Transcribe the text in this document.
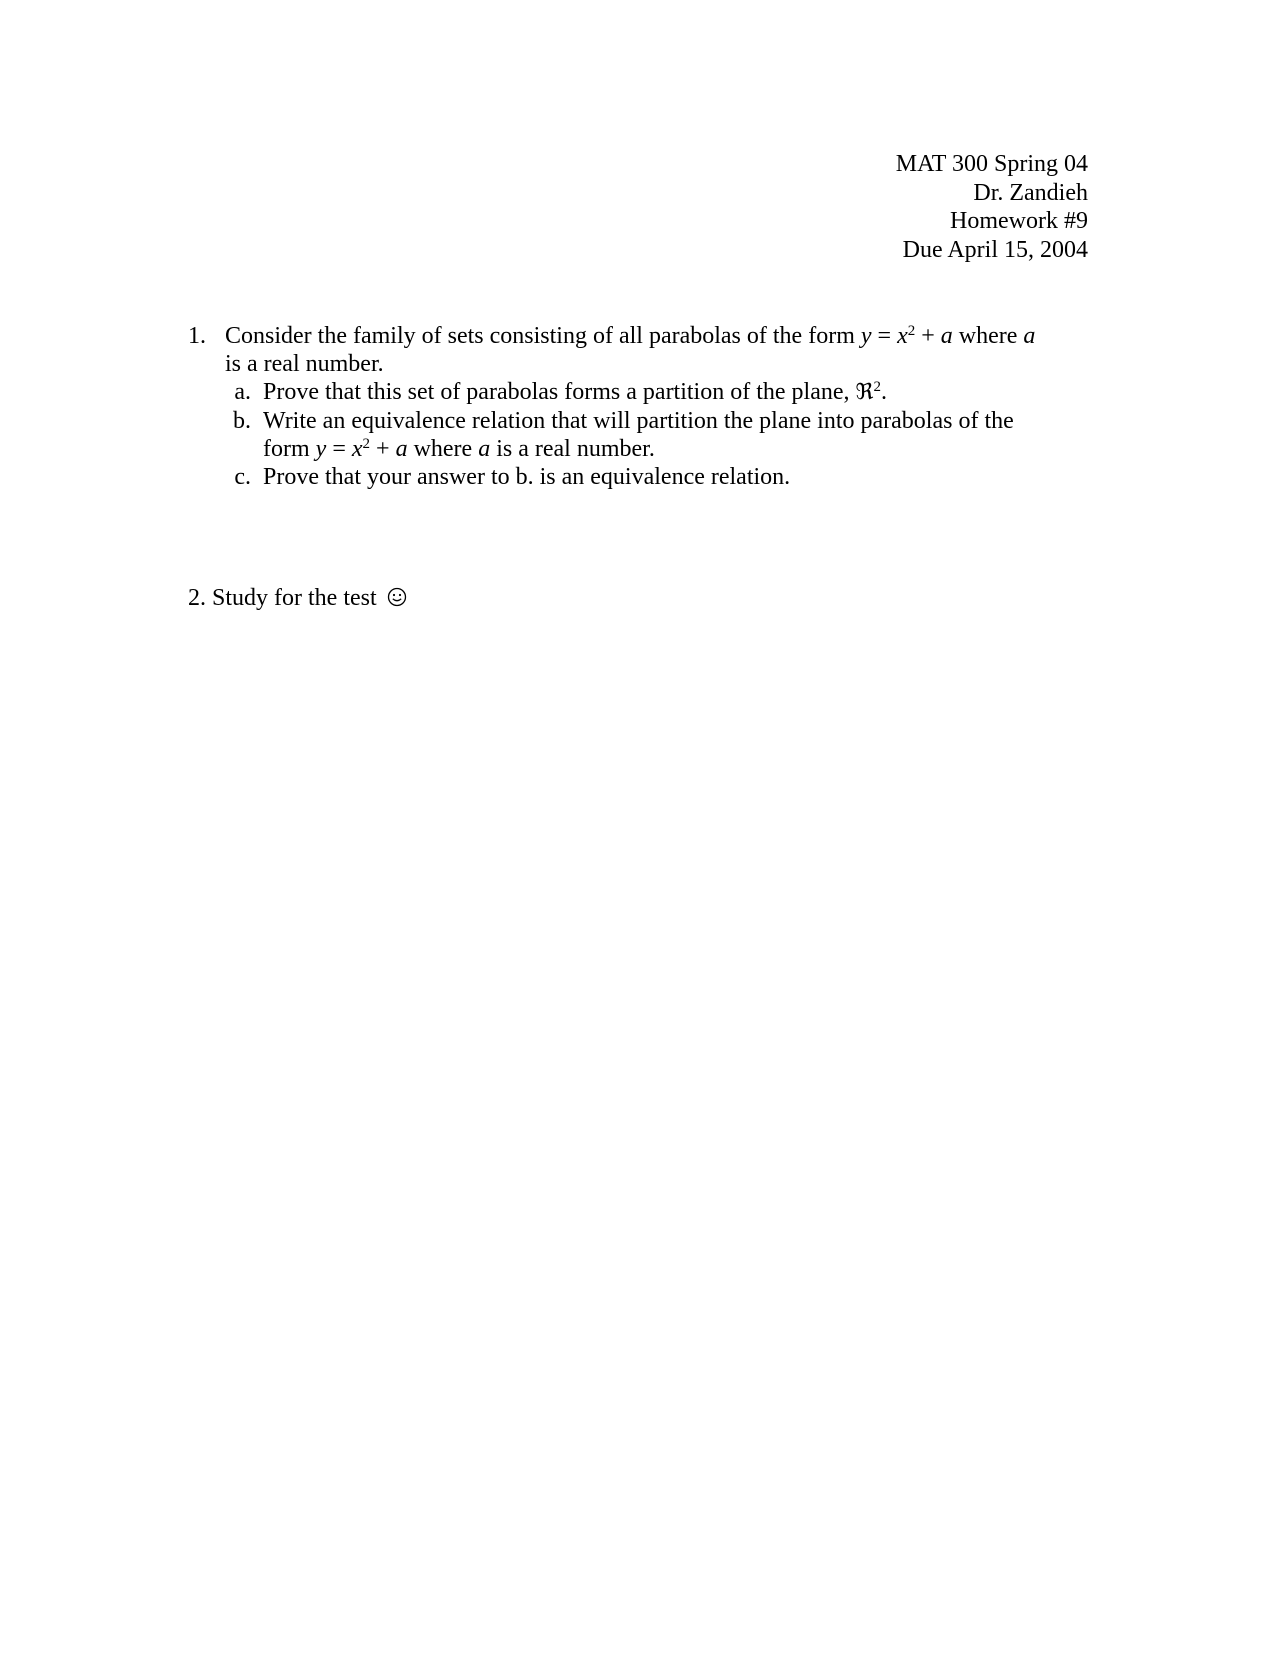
MAT 300 Spring 04
Dr. Zandieh
Homework #9
Due April 15, 2004
1. Consider the family of sets consisting of all parabolas of the form $y = x^2 + a$ where a
is a real number.
a. Prove that this set of parabolas forms a partition of the plane, ℜ$^2$.
b. Write an equivalence relation that will partition the plane into parabolas of the
form $y = x^2 + a$ where a is a real number.
c. Prove that your answer to b. is an equivalence relation.
2. Study for the test
